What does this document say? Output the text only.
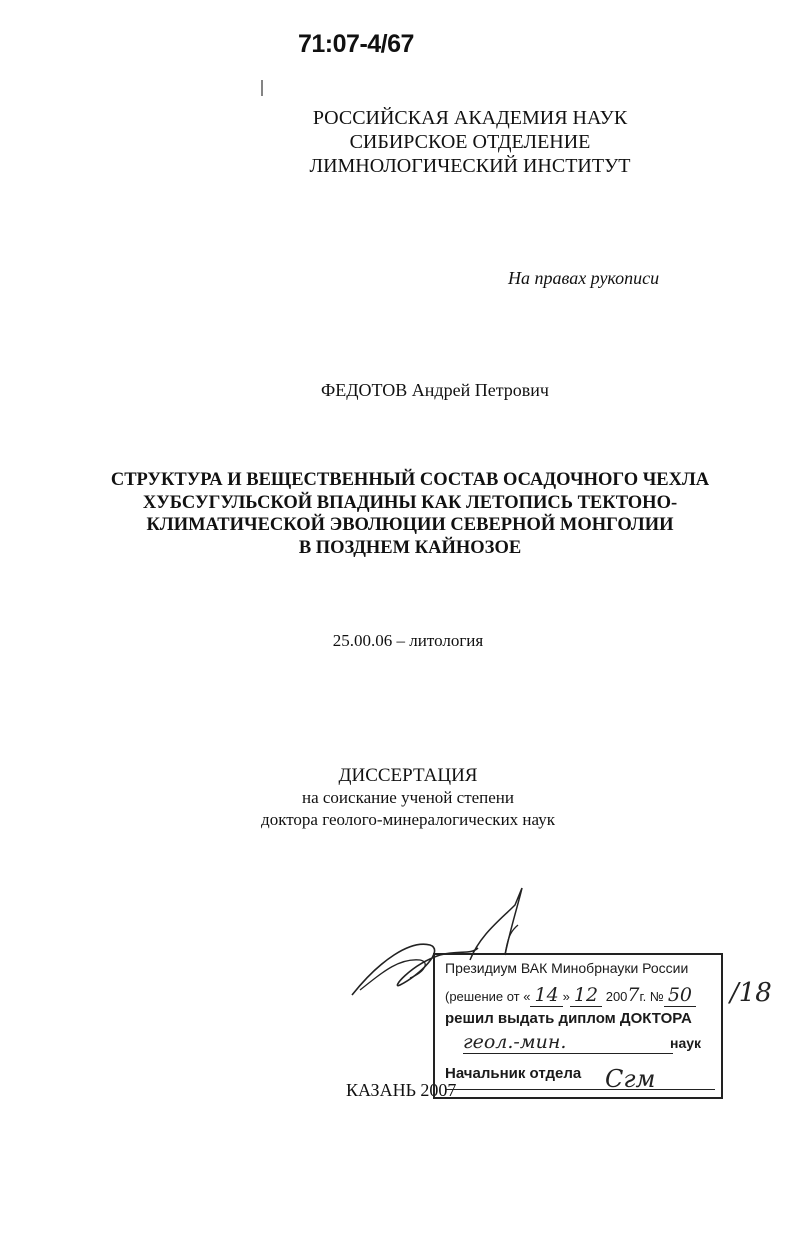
71:07-4/67
РОССИЙСКАЯ АКАДЕМИЯ НАУК
СИБИРСКОЕ ОТДЕЛЕНИЕ
ЛИМНОЛОГИЧЕСКИЙ ИНСТИТУТ
На правах рукописи
ФЕДОТОВ Андрей Петрович
СТРУКТУРА И ВЕЩЕСТВЕННЫЙ СОСТАВ ОСАДОЧНОГО ЧЕХЛА
ХУБСУГУЛЬСКОЙ ВПАДИНЫ КАК ЛЕТОПИСЬ ТЕКТОНО-
КЛИМАТИЧЕСКОЙ ЭВОЛЮЦИИ СЕВЕРНОЙ МОНГОЛИИ
В ПОЗДНЕМ КАЙНОЗОЕ
25.00.06 – литология
ДИССЕРТАЦИЯ
на соискание ученой степени
доктора геолого-минералогических наук
КАЗАНЬ 2007
Президиум ВАК Минобрнауки России
(решение от « 14 » 12 2007г. № 50
решил выдать диплом ДОКТОРА
геол.-мин.	наук
Начальник отдела Сгм
/18
